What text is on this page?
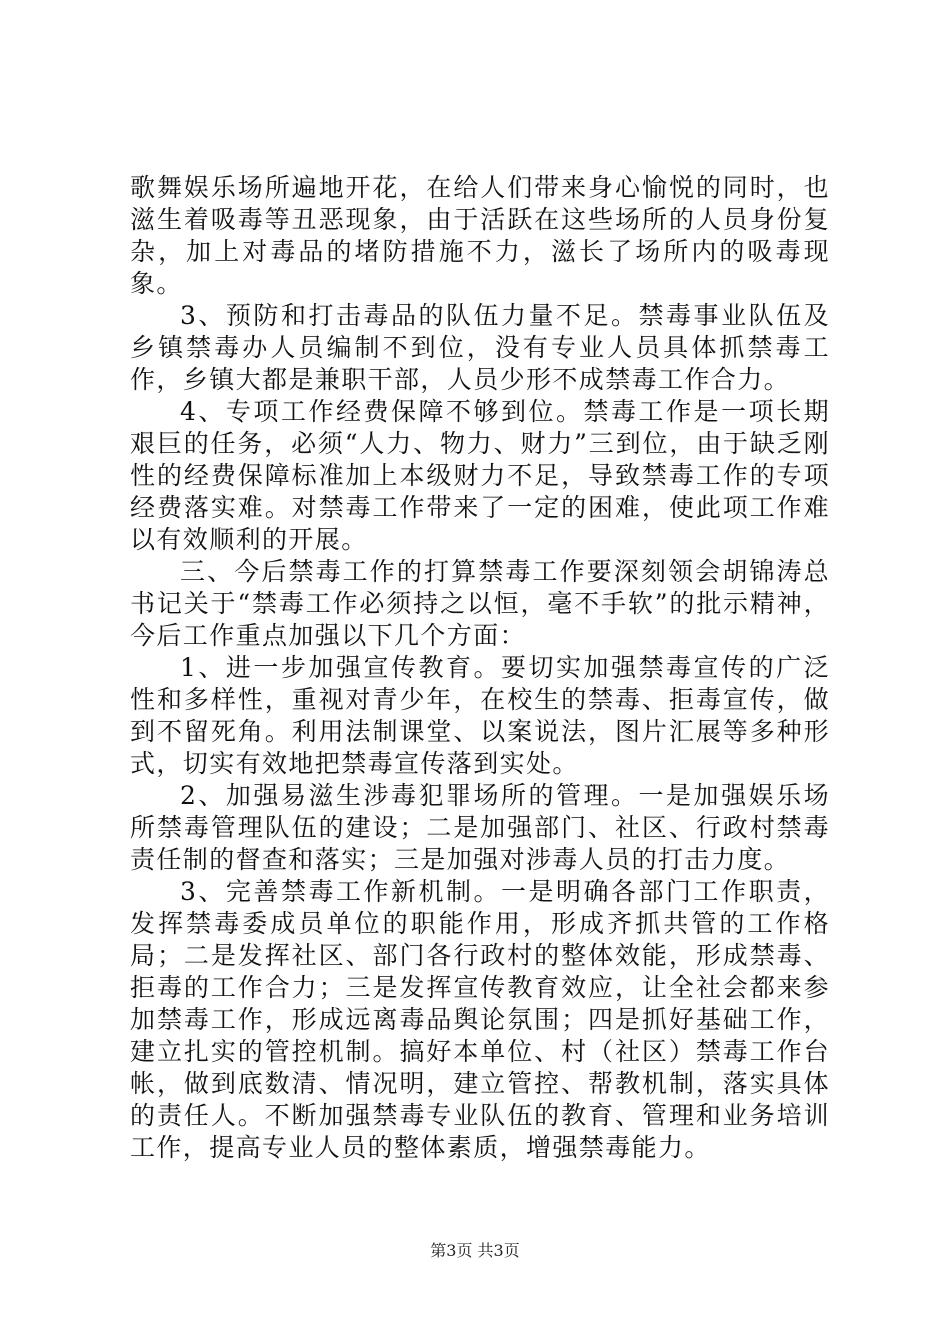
歌舞娱乐场所遍地开花，在给人们带来身心愉悦的同时，也滋生着吸毒等丑恶现象，由于活跃在这些场所的人员身份复杂，加上对毒品的堵防措施不力，滋长了场所内的吸毒现象。

3、预防和打击毒品的队伍力量不足。禁毒事业队伍及乡镇禁毒办人员编制不到位，没有专业人员具体抓禁毒工作，乡镇大都是兼职干部，人员少形不成禁毒工作合力。

4、专项工作经费保障不够到位。禁毒工作是一项长期艰巨的任务，必须“人力、物力、财力”三到位，由于缺乏刚性的经费保障标准加上本级财力不足，导致禁毒工作的专项经费落实难。对禁毒工作带来了一定的困难，使此项工作难以有效顺利的开展。

三、今后禁毒工作的打算禁毒工作要深刻领会胡锦涛总书记关于“禁毒工作必须持之以恒，毫不手软”的批示精神，今后工作重点加强以下几个方面：

1、进一步加强宣传教育。要切实加强禁毒宣传的广泛性和多样性，重视对青少年，在校生的禁毒、拒毒宣传，做到不留死角。利用法制课堂、以案说法，图片汇展等多种形式，切实有效地把禁毒宣传落到实处。

2、加强易滋生涉毒犯罪场所的管理。一是加强娱乐场所禁毒管理队伍的建设；二是加强部门、社区、行政村禁毒责任制的督查和落实；三是加强对涉毒人员的打击力度。

3、完善禁毒工作新机制。一是明确各部门工作职责，发挥禁毒委成员单位的职能作用，形成齐抓共管的工作格局；二是发挥社区、部门各行政村的整体效能，形成禁毒、拒毒的工作合力；三是发挥宣传教育效应，让全社会都来参加禁毒工作，形成远离毒品舆论氛围；四是抓好基础工作，建立扎实的管控机制。搞好本单位、村（社区）禁毒工作台帐，做到底数清、情况明，建立管控、帮教机制，落实具体的责任人。不断加强禁毒专业队伍的教育、管理和业务培训工作，提高专业人员的整体素质，增强禁毒能力。

第3页 共3页
